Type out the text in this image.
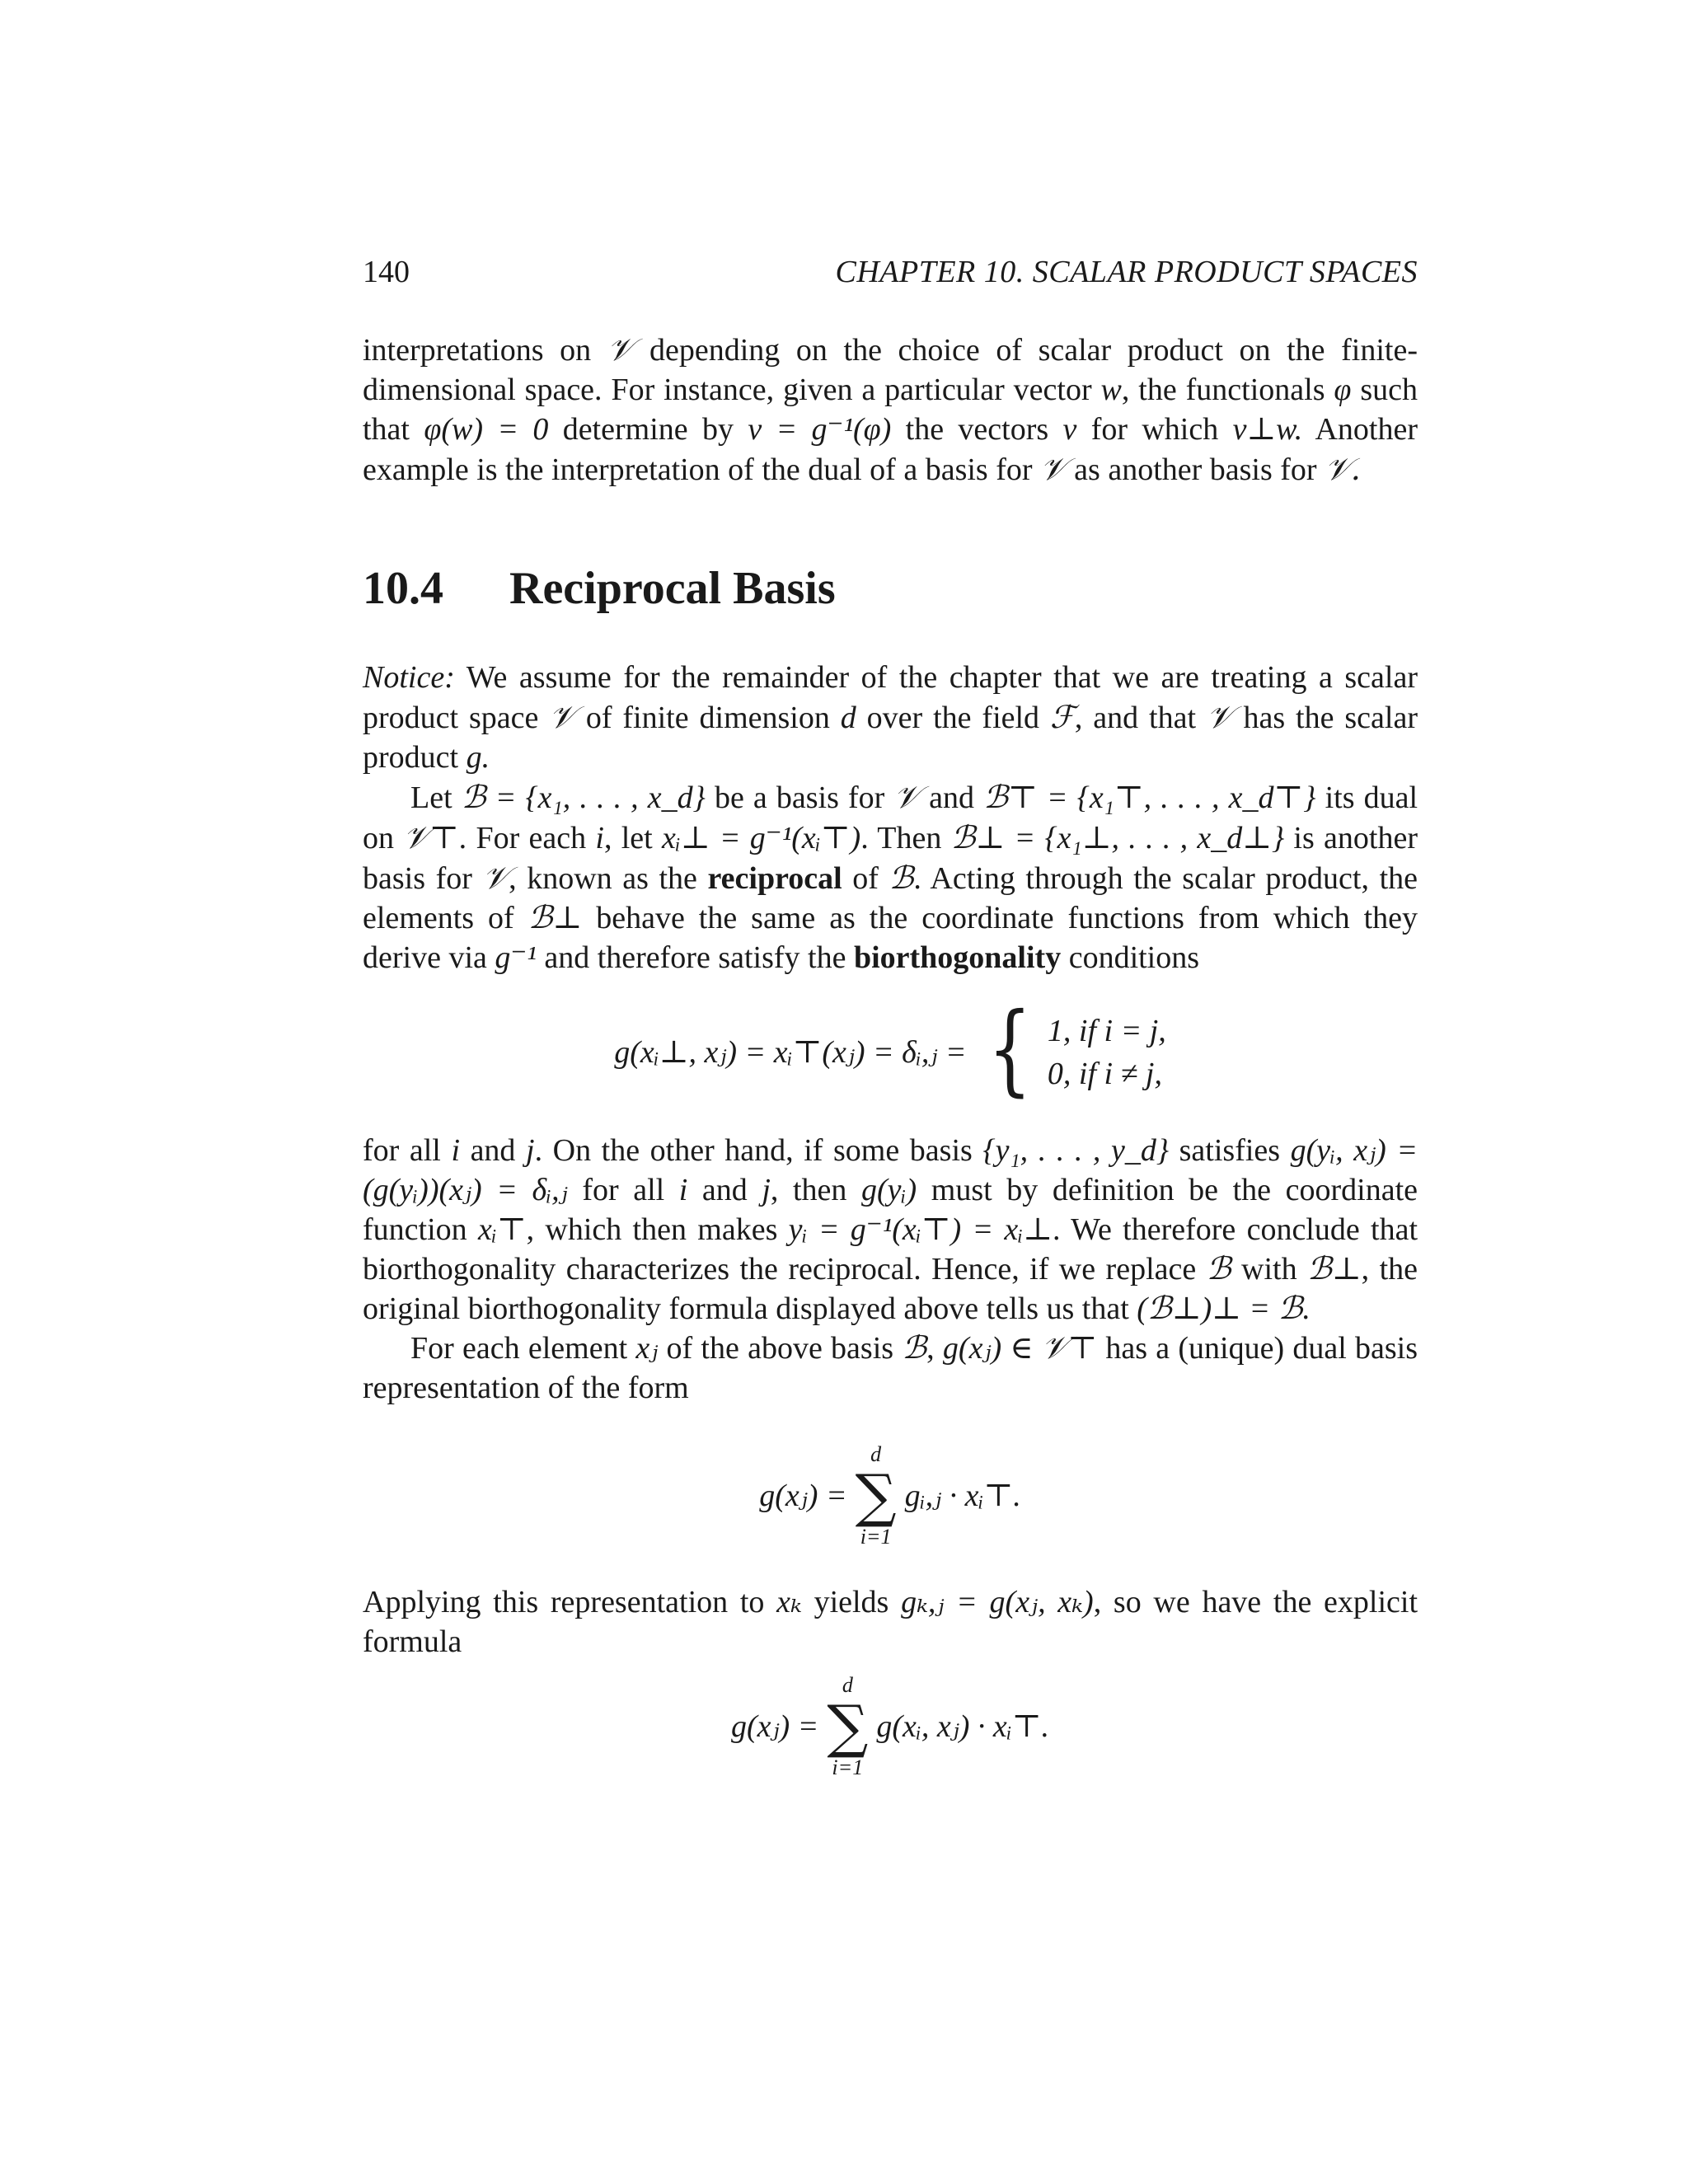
140	CHAPTER 10. SCALAR PRODUCT SPACES

interpretations on 𝒱 depending on the choice of scalar product on the finite-dimensional space. For instance, given a particular vector w, the functionals φ such that φ(w) = 0 determine by v = g⁻¹(φ) the vectors v for which v⊥w. Another example is the interpretation of the dual of a basis for 𝒱 as another basis for 𝒱.

10.4 Reciprocal Basis

Notice: We assume for the remainder of the chapter that we are treating a scalar product space 𝒱 of finite dimension d over the field ℱ, and that 𝒱 has the scalar product g.

Let ℬ = {x₁, . . . , x_d} be a basis for 𝒱 and ℬ⊤ = {x₁⊤, . . . , x_d⊤} its dual on 𝒱⊤. For each i, let xᵢ⊥ = g⁻¹(xᵢ⊤). Then ℬ⊥ = {x₁⊥, . . . , x_d⊥} is another basis for 𝒱, known as the reciprocal of ℬ. Acting through the scalar product, the elements of ℬ⊥ behave the same as the coordinate functions from which they derive via g⁻¹ and therefore satisfy the biorthogonality conditions

g(xᵢ⊥, xⱼ) = xᵢ⊤(xⱼ) = δᵢ,ⱼ = { 1, if i = j,
0, if i ≠ j,

for all i and j. On the other hand, if some basis {y₁, . . . , y_d} satisfies g(yᵢ, xⱼ) = (g(yᵢ))(xⱼ) = δᵢ,ⱼ for all i and j, then g(yᵢ) must by definition be the coordinate function xᵢ⊤, which then makes yᵢ = g⁻¹(xᵢ⊤) = xᵢ⊥. We therefore conclude that biorthogonality characterizes the reciprocal. Hence, if we replace ℬ with ℬ⊥, the original biorthogonality formula displayed above tells us that (ℬ⊥)⊥ = ℬ.

For each element xⱼ of the above basis ℬ, g(xⱼ) ∈ 𝒱⊤ has a (unique) dual basis representation of the form

g(xⱼ) =
d
∑
i=1
gᵢ,ⱼ · xᵢ⊤.

Applying this representation to xₖ yields gₖ,ⱼ = g(xⱼ, xₖ), so we have the explicit formula

g(xⱼ) =
d
∑
i=1
g(xᵢ, xⱼ) · xᵢ⊤.
